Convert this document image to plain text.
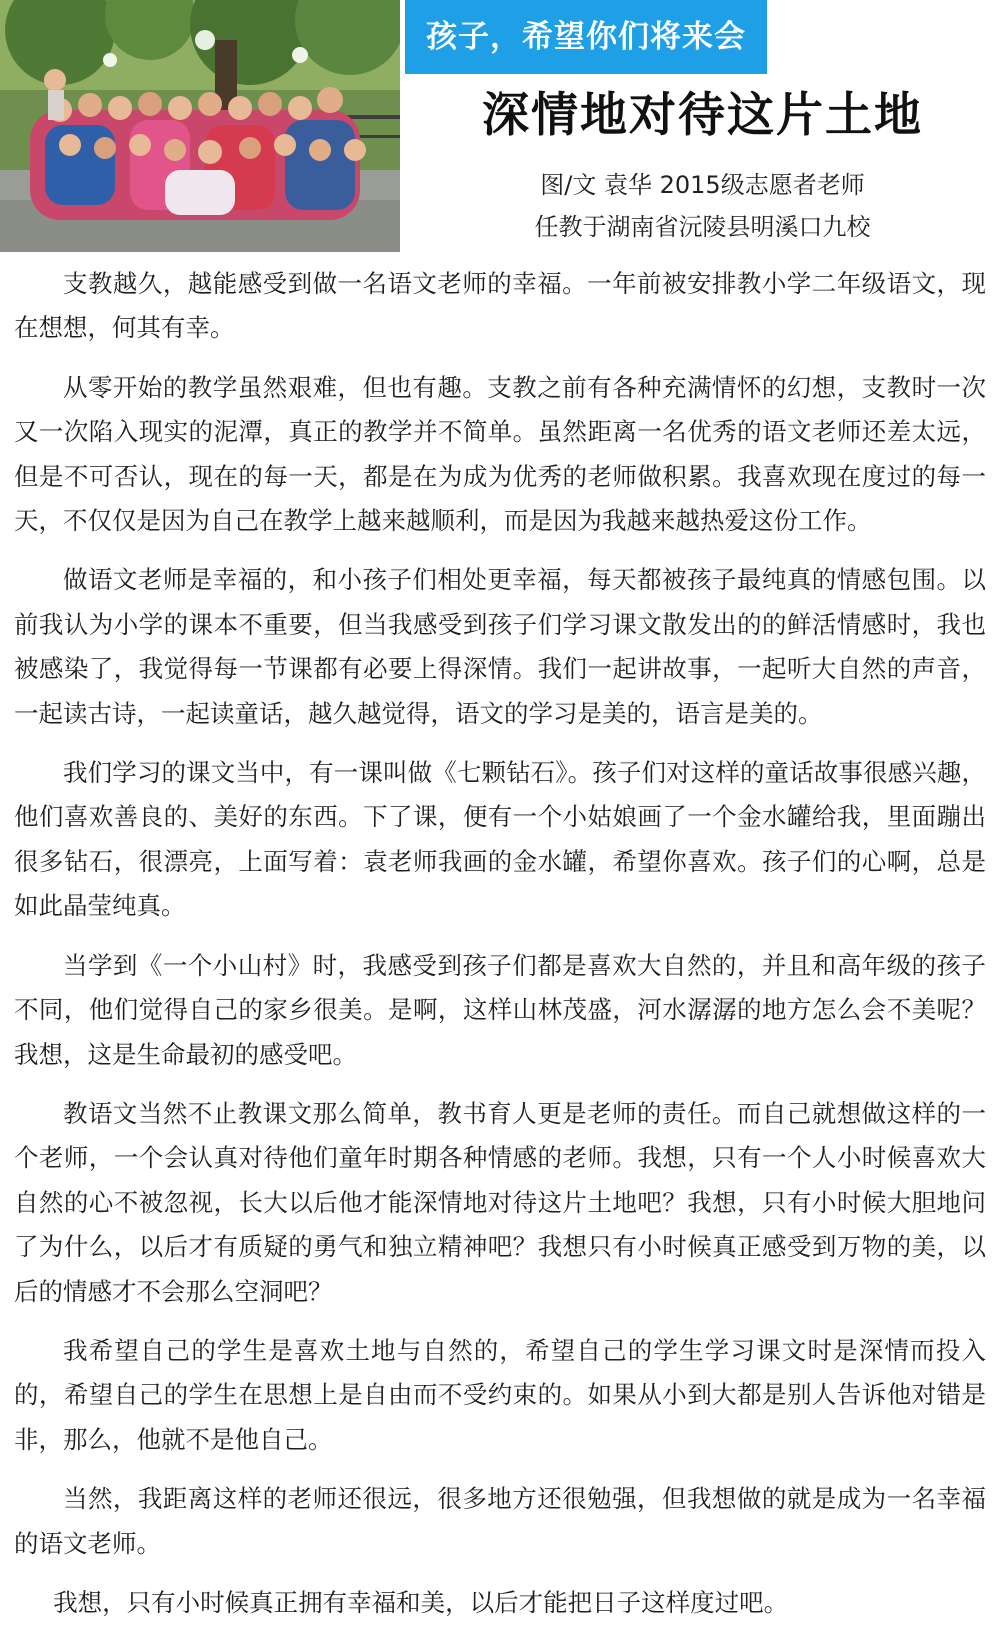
孩子，希望你们将来会
深情地对待这片土地
图/文 袁华 2015级志愿者老师
任教于湖南省沅陵县明溪口九校

支教越久，越能感受到做一名语文老师的幸福。一年前被安排教小学二年级语文，现在想想，何其有幸。

从零开始的教学虽然艰难，但也有趣。支教之前有各种充满情怀的幻想，支教时一次又一次陷入现实的泥潭，真正的教学并不简单。虽然距离一名优秀的语文老师还差太远，但是不可否认，现在的每一天，都是在为成为优秀的老师做积累。我喜欢现在度过的每一天，不仅仅是因为自己在教学上越来越顺利，而是因为我越来越热爱这份工作。

做语文老师是幸福的，和小孩子们相处更幸福，每天都被孩子最纯真的情感包围。以前我认为小学的课本不重要，但当我感受到孩子们学习课文散发出的的鲜活情感时，我也被感染了，我觉得每一节课都有必要上得深情。我们一起讲故事，一起听大自然的声音，一起读古诗，一起读童话，越久越觉得，语文的学习是美的，语言是美的。

我们学习的课文当中，有一课叫做《七颗钻石》。孩子们对这样的童话故事很感兴趣，他们喜欢善良的、美好的东西。下了课，便有一个小姑娘画了一个金水罐给我，里面蹦出很多钻石，很漂亮，上面写着：袁老师我画的金水罐，希望你喜欢。孩子们的心啊，总是如此晶莹纯真。

当学到《一个小山村》时，我感受到孩子们都是喜欢大自然的，并且和高年级的孩子不同，他们觉得自己的家乡很美。是啊，这样山林茂盛，河水潺潺的地方怎么会不美呢？我想，这是生命最初的感受吧。

教语文当然不止教课文那么简单，教书育人更是老师的责任。而自己就想做这样的一个老师，一个会认真对待他们童年时期各种情感的老师。我想，只有一个人小时候喜欢大自然的心不被忽视，长大以后他才能深情地对待这片土地吧？我想，只有小时候大胆地问了为什么，以后才有质疑的勇气和独立精神吧？我想只有小时候真正感受到万物的美，以后的情感才不会那么空洞吧？

我希望自己的学生是喜欢土地与自然的，希望自己的学生学习课文时是深情而投入的，希望自己的学生在思想上是自由而不受约束的。如果从小到大都是别人告诉他对错是非，那么，他就不是他自己。

当然，我距离这样的老师还很远，很多地方还很勉强，但我想做的就是成为一名幸福的语文老师。

我想，只有小时候真正拥有幸福和美，以后才能把日子这样度过吧。
